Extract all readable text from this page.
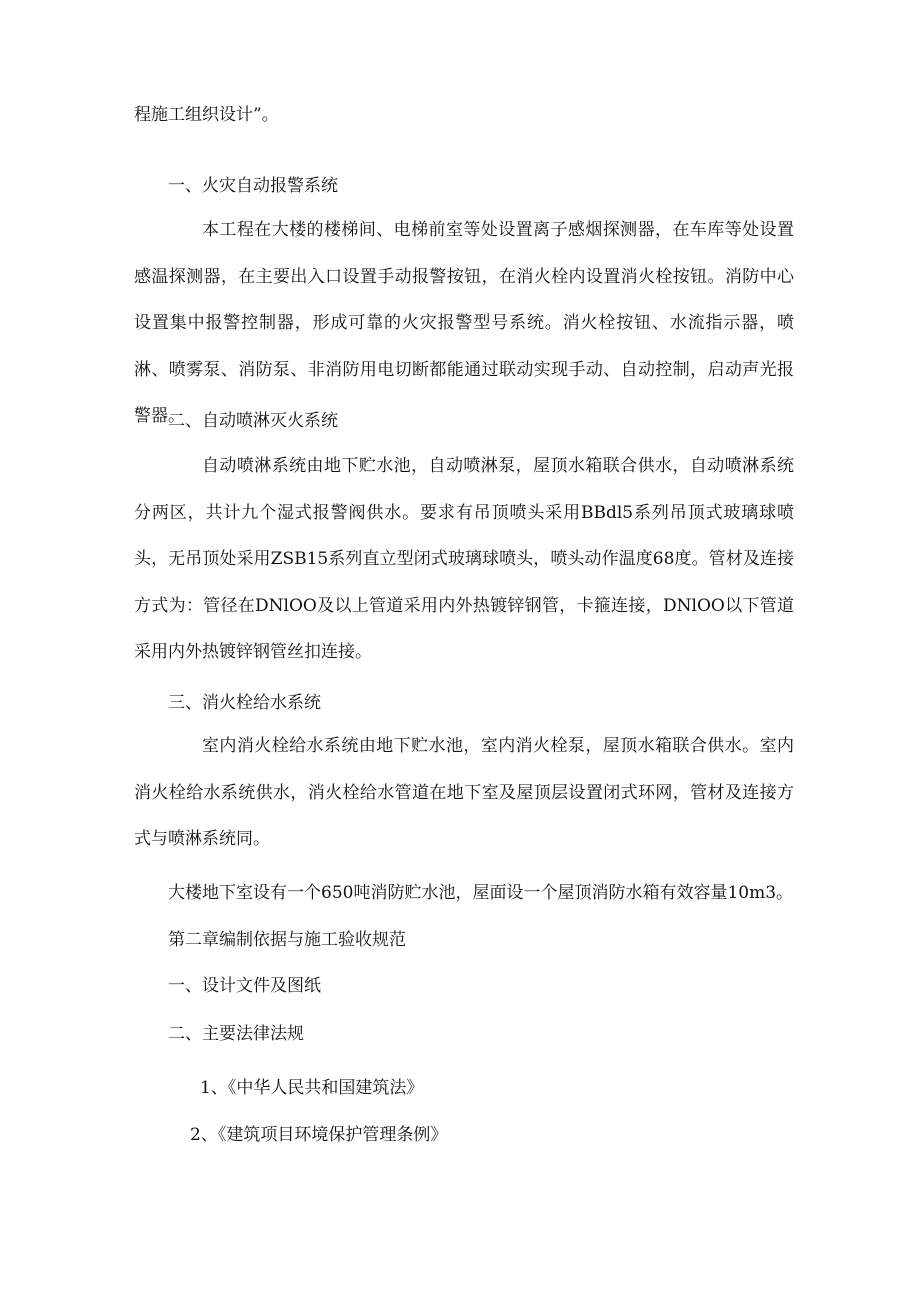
程施工组织设计”。
一、火灾自动报警系统

本工程在大楼的楼梯间、电梯前室等处设置离子感烟探测器，在车库等处设置感温探测器，在主要出入口设置手动报警按钮，在消火栓内设置消火栓按钮。消防中心设置集中报警控制器，形成可靠的火灾报警型号系统。消火栓按钮、水流指示器，喷淋、喷雾泵、消防泵、非消防用电切断都能通过联动实现手动、自动控制，启动声光报警器。

二、自动喷淋灭火系统

自动喷淋系统由地下贮水池，自动喷淋泵，屋顶水箱联合供水，自动喷淋系统分两区，共计九个湿式报警阀供水。要求有吊顶喷头采用BBdl5系列吊顶式玻璃球喷头，无吊顶处采用ZSB15系列直立型闭式玻璃球喷头，喷头动作温度68度。管材及连接方式为：管径在DNlOO及以上管道采用内外热镀锌钢管，卡箍连接，DNlOO以下管道采用内外热镀锌钢管丝扣连接。

三、消火栓给水系统

室内消火栓给水系统由地下贮水池，室内消火栓泵，屋顶水箱联合供水。室内消火栓给水系统供水，消火栓给水管道在地下室及屋顶层设置闭式环网，管材及连接方式与喷淋系统同。

大楼地下室设有一个650吨消防贮水池，屋面设一个屋顶消防水箱有效容量10m3。
第二章编制依据与施工验收规范
一、设计文件及图纸
二、主要法律法规
1、《中华人民共和国建筑法》
2、《建筑项目环境保护管理条例》
